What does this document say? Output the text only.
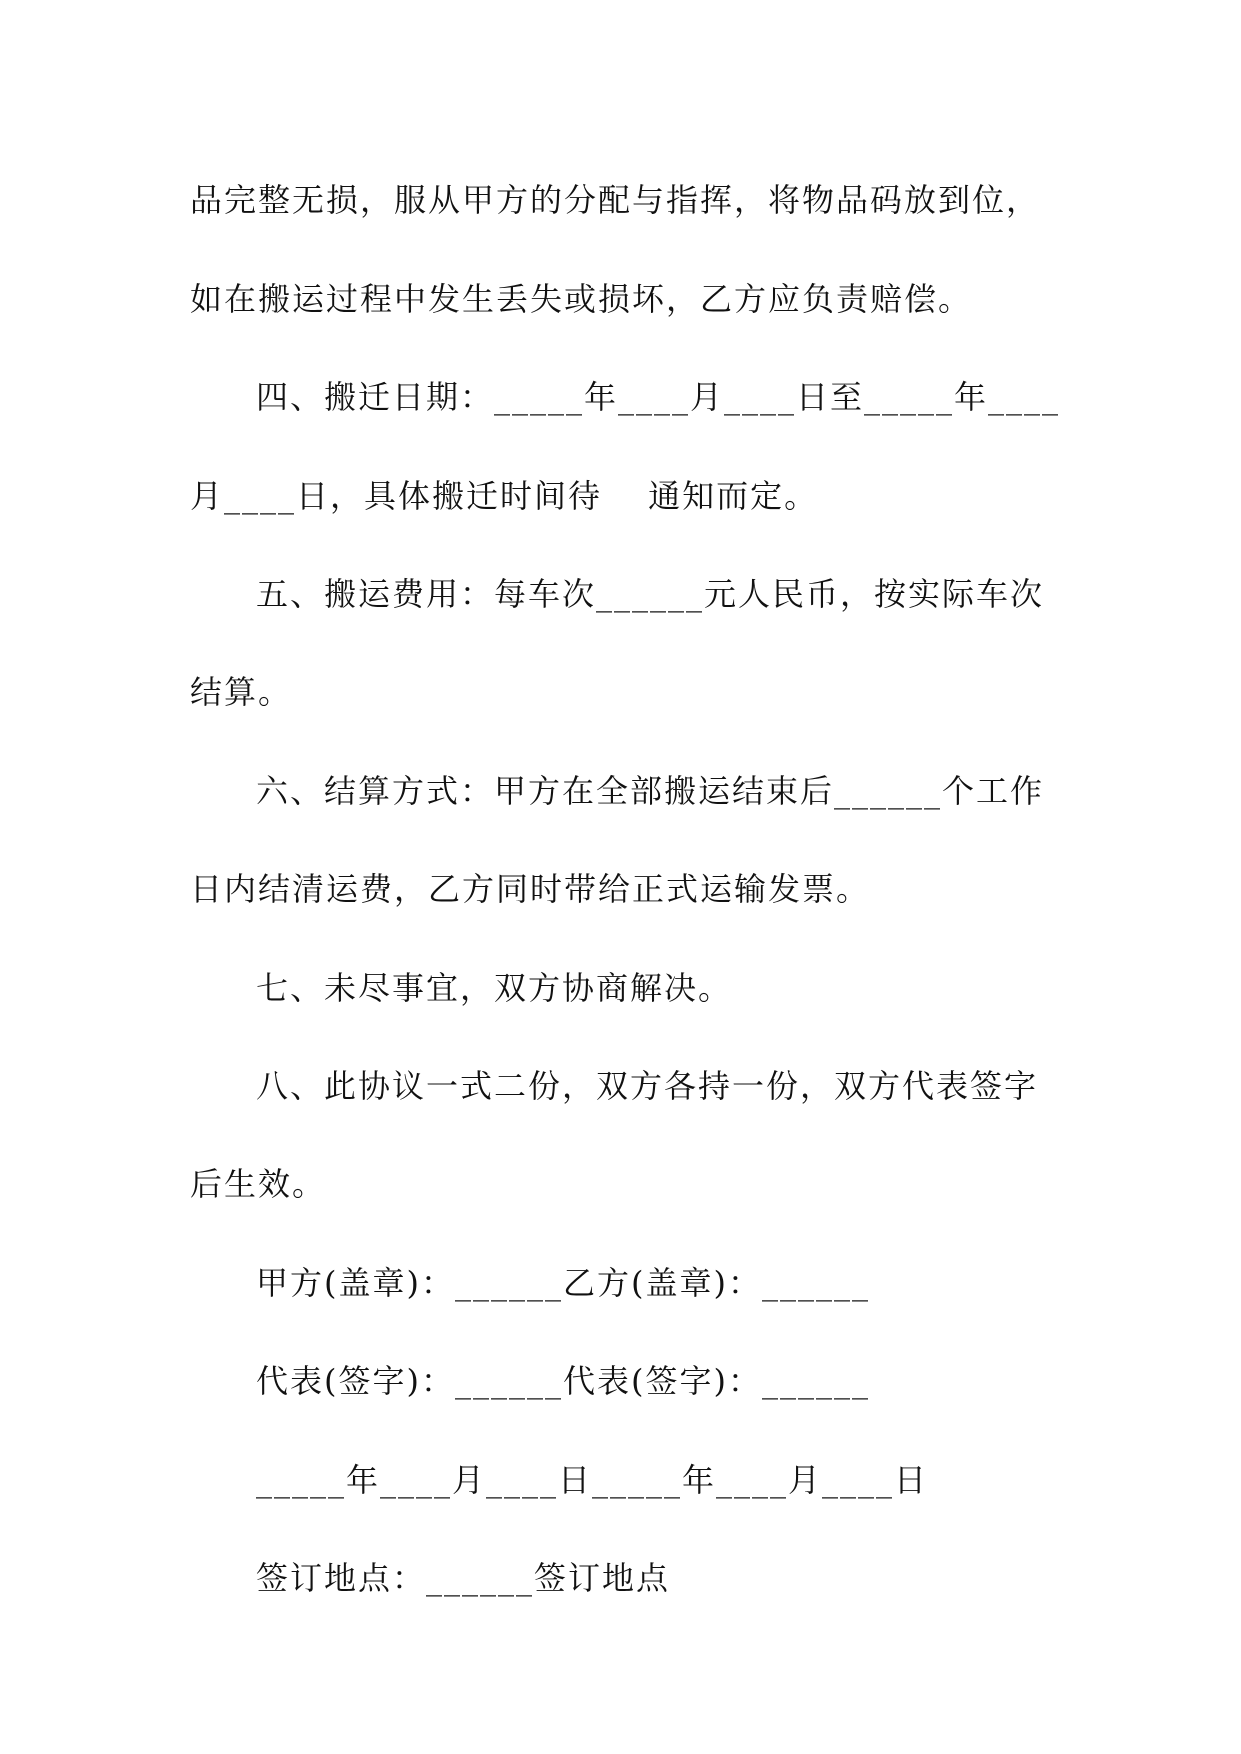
品完整无损，服从甲方的分配与指挥，将物品码放到位，

如在搬运过程中发生丢失或损坏，乙方应负责赔偿。

四、搬迁日期：_____年____月____日至_____年____

月____日，具体搬迁时间待　 通知而定。

五、搬运费用：每车次______元人民币，按实际车次

结算。

六、结算方式：甲方在全部搬运结束后______个工作

日内结清运费，乙方同时带给正式运输发票。

七、未尽事宜，双方协商解决。

八、此协议一式二份，双方各持一份，双方代表签字

后生效。

甲方(盖章)：______乙方(盖章)：______

代表(签字)：______代表(签字)：______

_____年____月____日_____年____月____日

签订地点：______签订地点
